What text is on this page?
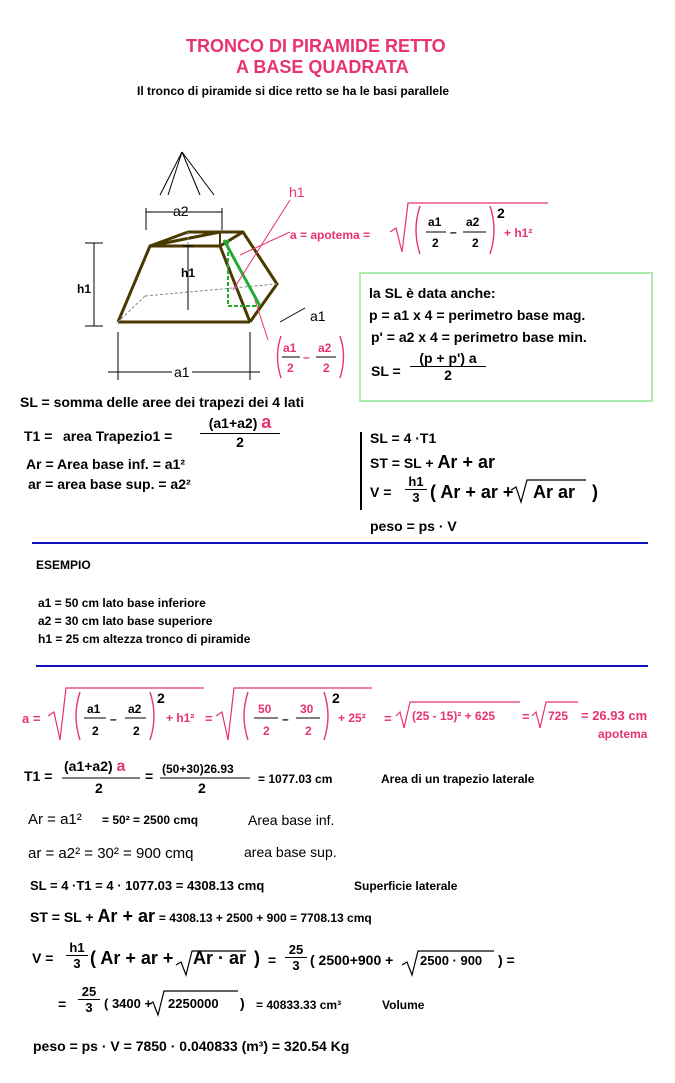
TRONCO DI PIRAMIDE RETTO
A BASE QUADRATA
Il tronco di piramide si dice retto se ha le basi parallele
a2
h1
h1
h1
a1
a1
a = apotema =
a1
2
–
a2
2
2
+ h1²
a1
2
–
a2
2
la SL è data anche:
p = a1 x 4 = perimetro base mag.
p' = a2 x 4 = perimetro base min.
SL = $\frac{(p + p') a}{2}$
SL = somma delle aree dei trapezi dei 4 lati
T1 = area Trapezio1 = $\frac{(a1+a2) a}{2}$
Ar = Area base inf. = a1²
ar = area base sup. = a2²
SL = 4 ·T1
ST = SL + Ar + ar
$V = \frac{h1}{3}$ ( Ar + ar + Ar ar )
peso = ps · V
ESEMPIO
a1 = 50 cm lato base inferiore
a2 = 30 cm lato base superiore
h1 = 25 cm altezza tronco di piramide
a =
a1
2
–
a2
2
2
+ h1² =
50
2
–
30
2
2
+ 25² = (25 - 15)² + 625 = 725 = 26.93 cm
apotema
T1 =
(a1+a2) a
2
= (50+30)26.93
2
= 1077.03 cm	Area di un trapezio laterale
Ar = a1² = 50² = 2500 cmq	Area base inf.
ar = a2² = 30² = 900 cmq	area base sup.
SL = 4 ·T1 = 4 · 1077.03 = 4308.13 cmq	Superficie laterale
ST = SL + Ar + ar = 4308.13 + 2500 + 900 = 7708.13 cmq
$V = \frac{h1}{3}$ ( Ar + ar + Ar · ar ) = $\frac{25}{3}$ ( 2500+900 + 2500 · 900 ) =
= $\frac{25}{3}$ ( 3400 + 2250000 ) = 40833.33 cm³	Volume
peso = ps · V = 7850 · 0.040833 (m³) = 320.54 Kg
